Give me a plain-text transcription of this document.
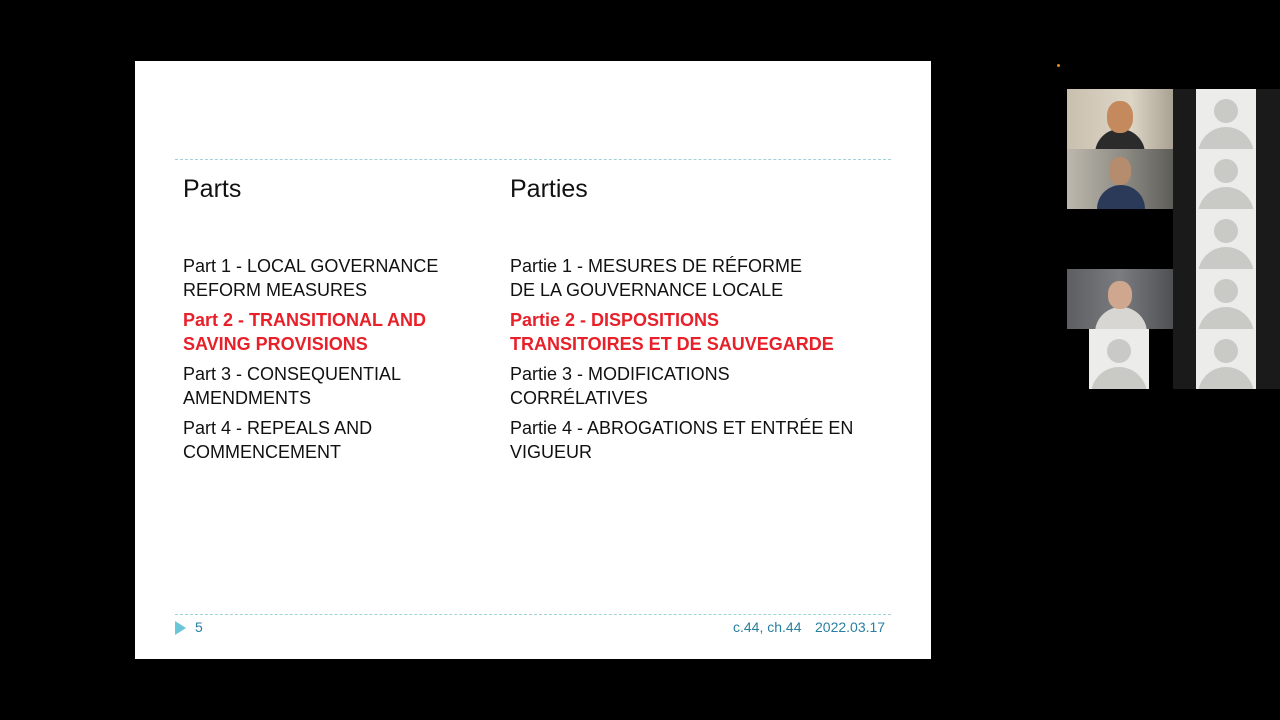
Parts
Part 1 - LOCAL GOVERNANCE
REFORM MEASURES
Part 2 - TRANSITIONAL AND
SAVING PROVISIONS
Part 3 - CONSEQUENTIAL
AMENDMENTS
Part 4 - REPEALS AND
COMMENCEMENT
Parties
Partie 1 - MESURES DE RÉFORME
DE LA GOUVERNANCE LOCALE
Partie 2 - DISPOSITIONS
TRANSITOIRES ET DE SAUVEGARDE
Partie 3 - MODIFICATIONS
CORRÉLATIVES
Partie 4 - ABROGATIONS ET ENTRÉE EN
VIGUEUR
5	c.44, ch.44 2022.03.17
